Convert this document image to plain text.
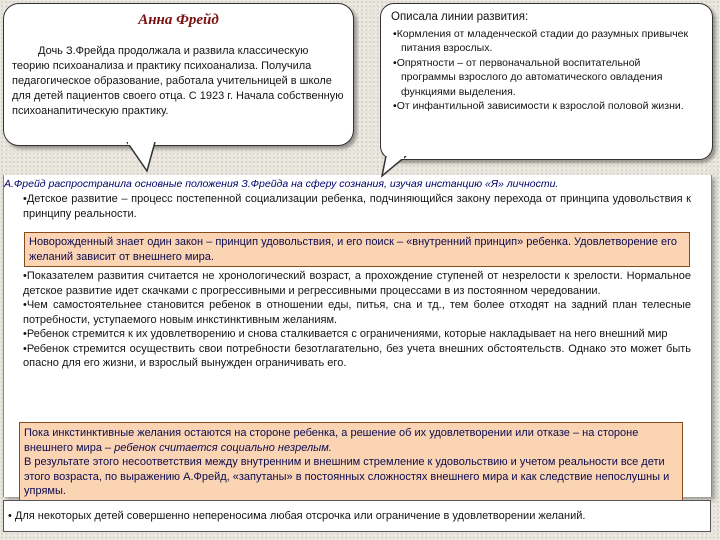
Анна Фрейд

Дочь З.Фрейда продолжала и развила классическую теорию психоанализа и практику психоанализа. Получила педагогическое образование, работала учительницей в школе для детей пациентов своего отца. С 1923 г. Начала собственную психоанапитическую практику.

Описала линии развития:

•Кормления от младенческой стадии до разумных привычек питания взрослых.
•Опрятности – от первоначальной воспитательной программы взрослого до автоматического овладения функциями выделения.
•От инфантильной зависимости к взрослой половой жизни.

А.Фрейд распространила основные положения З.Фрейда на сферу сознания, изучая инстанцию «Я» личности.

•Детское развитие – процесс постепенной социализации ребенка, подчиняющийся закону перехода от принципа удовольствия к принципу реальности.

Новорожденный знает один закон – принцип удовольствия, и его поиск – «внутренний принцип» ребенка. Удовлетворение его желаний зависит от внешнего мира.
•Показателем развития считается не хронологический возраст, а прохождение ступеней от незрелости к зрелости. Нормальное детское развитие идет скачками с прогрессивными и регрессивными процессами в из постоянном чередовании.
•Чем самостоятельнее становится ребенок в отношении еды, питья, сна и тд., тем более отходят на задний план телесные потребности, уступаемого новым инкстинктивным желаниям.
•Ребенок стремится к их удовлетворению и снова сталкивается с ограничениями, которые накладывает на него внешний мир
•Ребенок стремится осуществить свои потребности безотлагательно, без учета внешних обстоятельств. Однако это может быть опасно для его жизни, и взрослый вынужден ограничивать его.
Пока инкстинктивные желания остаются на стороне ребенка, а решение об их удовлетворении или отказе – на стороне внешнего мира – ребенок считается социально незрелым.
В результате этого несоответствия между внутренним и внешним стремление к удовольствию и учетом реальности все дети этого возраста, по выражению А.Фрейд, «запутаны» в постоянных сложностях внешнего мира и как следствие непослушны и упрямы.

• Для некоторых детей совершенно непереносима любая отсрочка или ограничение в удовлетворении желаний.
